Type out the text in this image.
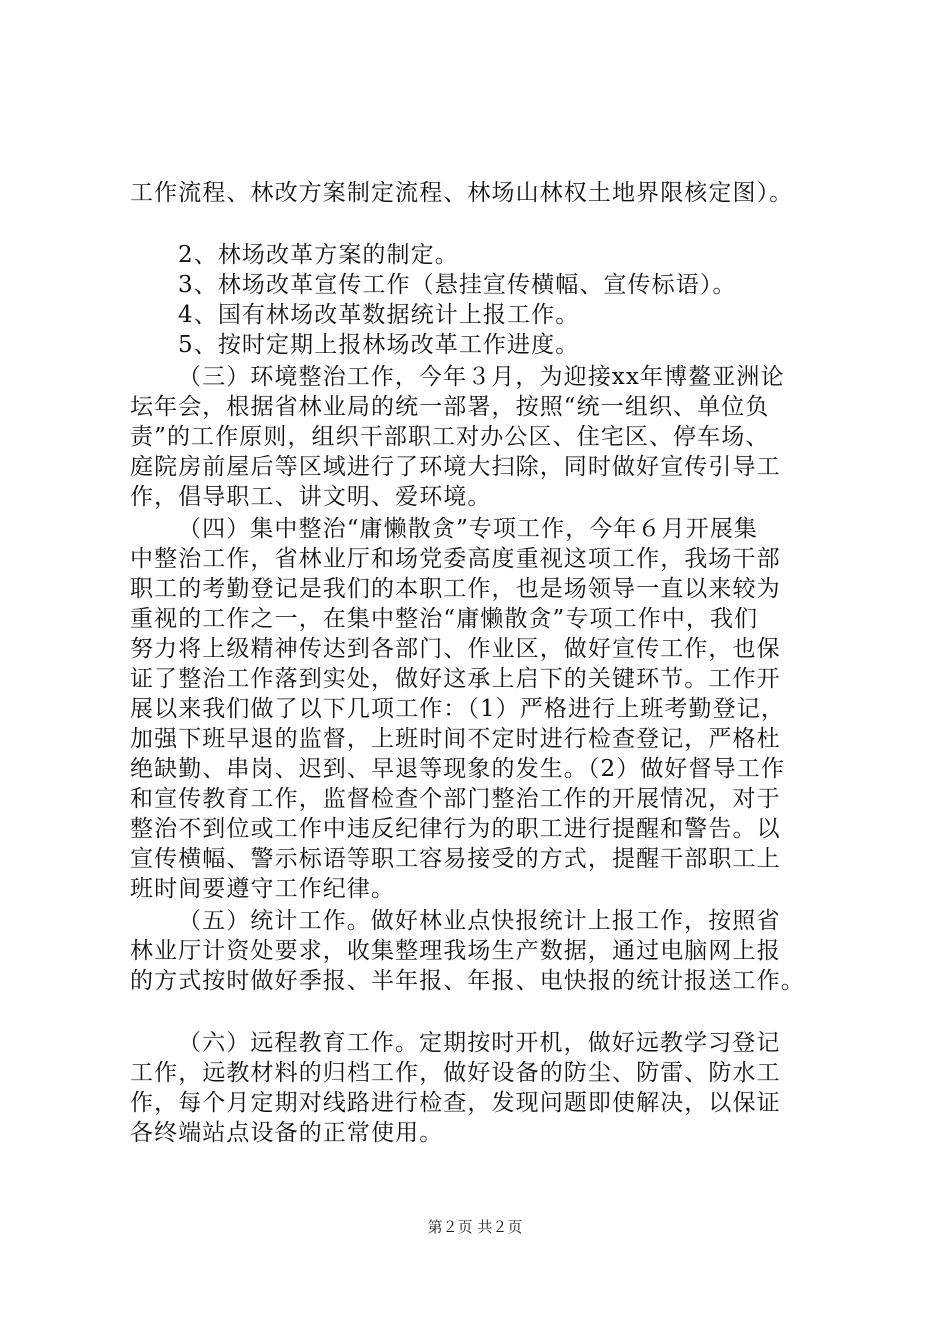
工作流程、林改方案制定流程、林场山林权土地界限核定图）。
2、林场改革方案的制定。
3、林场改革宣传工作（悬挂宣传横幅、宣传标语）。
4、国有林场改革数据统计上报工作。
5、按时定期上报林场改革工作进度。
（三）环境整治工作，今年３月，为迎接xx年博鳌亚洲论
坛年会，根据省林业局的统一部署，按照“统一组织、单位负
责”的工作原则，组织干部职工对办公区、住宅区、停车场、
庭院房前屋后等区域进行了环境大扫除，同时做好宣传引导工
作，倡导职工、讲文明、爱环境。
（四）集中整治“庸懒散贪”专项工作，今年６月开展集
中整治工作，省林业厅和场党委高度重视这项工作，我场干部
职工的考勤登记是我们的本职工作，也是场领导一直以来较为
重视的工作之一，在集中整治“庸懒散贪”专项工作中，我们
努力将上级精神传达到各部门、作业区，做好宣传工作，也保
证了整治工作落到实处，做好这承上启下的关键环节。工作开
展以来我们做了以下几项工作：（1）严格进行上班考勤登记，
加强下班早退的监督，上班时间不定时进行检查登记，严格杜
绝缺勤、串岗、迟到、早退等现象的发生。（2）做好督导工作
和宣传教育工作，监督检查个部门整治工作的开展情况，对于
整治不到位或工作中违反纪律行为的职工进行提醒和警告。以
宣传横幅、警示标语等职工容易接受的方式，提醒干部职工上
班时间要遵守工作纪律。
（五）统计工作。做好林业点快报统计上报工作，按照省
林业厅计资处要求，收集整理我场生产数据，通过电脑网上报
的方式按时做好季报、半年报、年报、电快报的统计报送工作。
（六）远程教育工作。定期按时开机，做好远教学习登记
工作，远教材料的归档工作，做好设备的防尘、防雷、防水工
作，每个月定期对线路进行检查，发现问题即使解决，以保证
各终端站点设备的正常使用。
第２页 共２页
